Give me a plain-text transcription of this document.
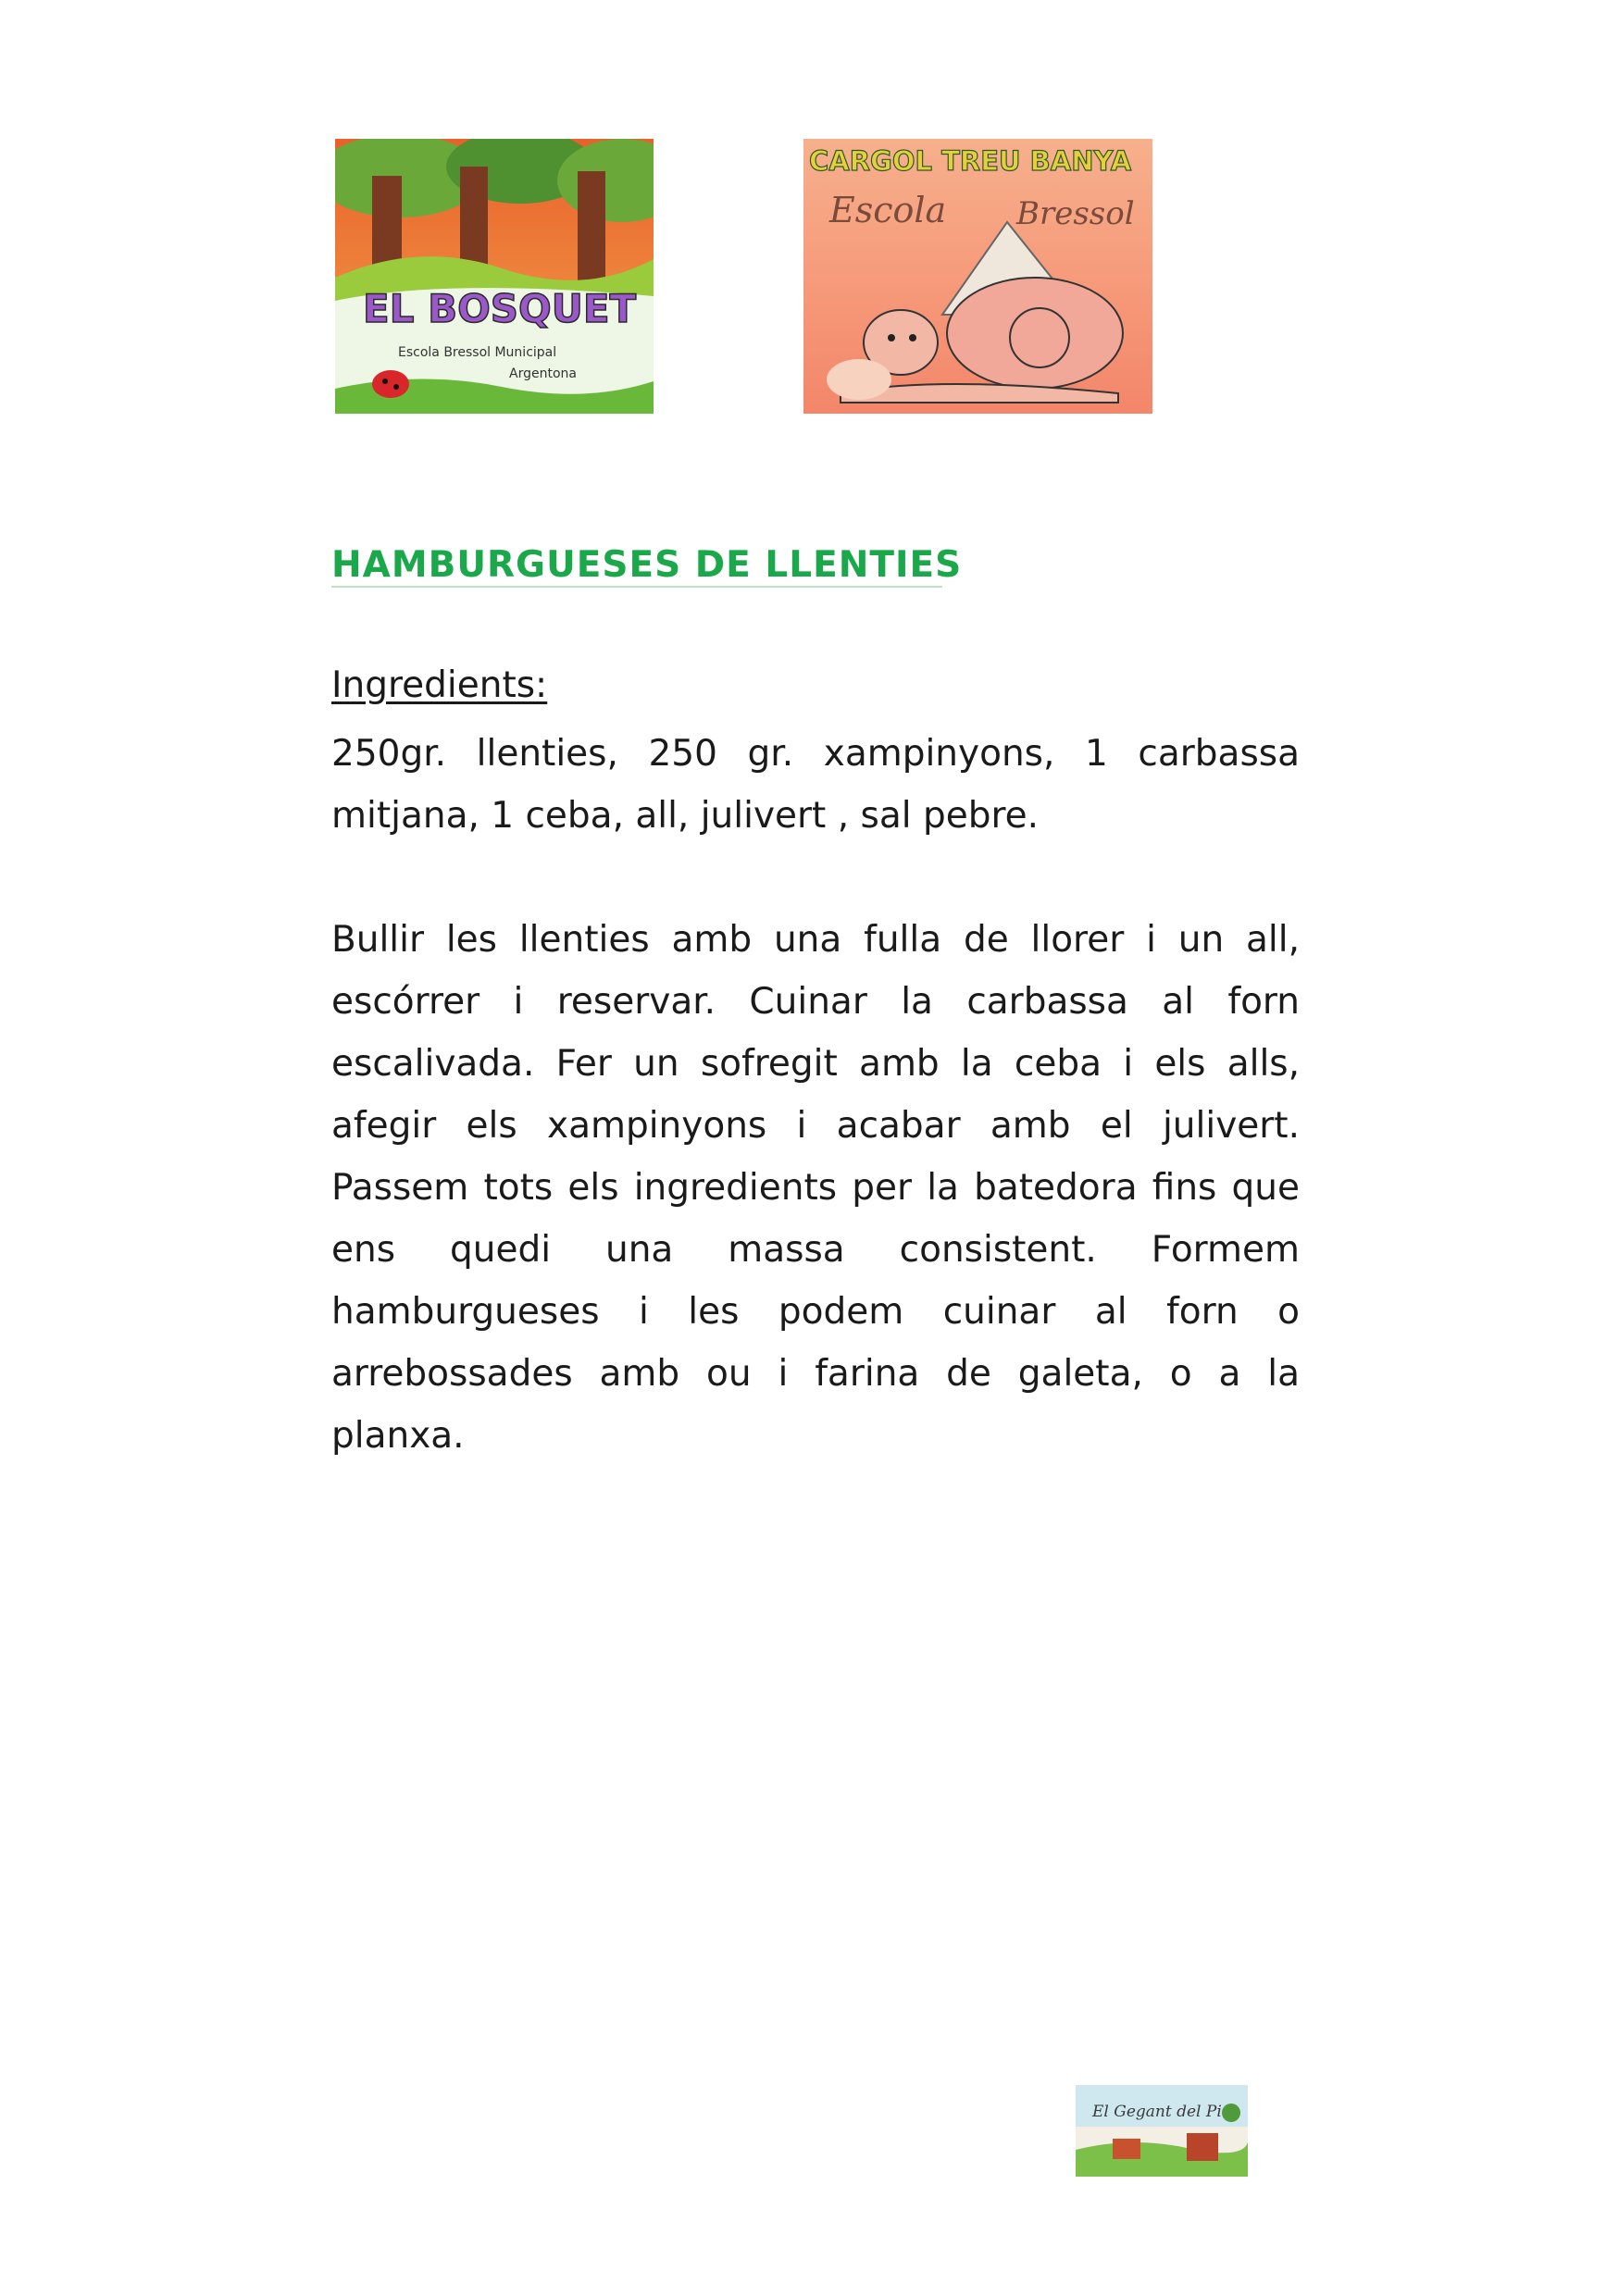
EL BOSQUET
Escola Bressol Municipal
Argentona
CARGOL TREU BANYA
Escola Bressol
HAMBURGUESES DE LLENTIES
Ingredients:

250gr. llenties, 250 gr. xampinyons, 1 carbassa mitjana, 1 ceba, all, julivert , sal pebre.

Bullir les llenties amb una fulla de llorer i un all, escórrer i reservar. Cuinar la carbassa al forn escalivada. Fer un sofregit amb la ceba i els alls, afegir els xampinyons i acabar amb el julivert. Passem tots els ingredients per la batedora fins que ens quedi una massa consistent. Formem hamburgueses i les podem cuinar al forn o arrebossades amb ou i farina de galeta, o a la planxa.

El Gegant del Pi
